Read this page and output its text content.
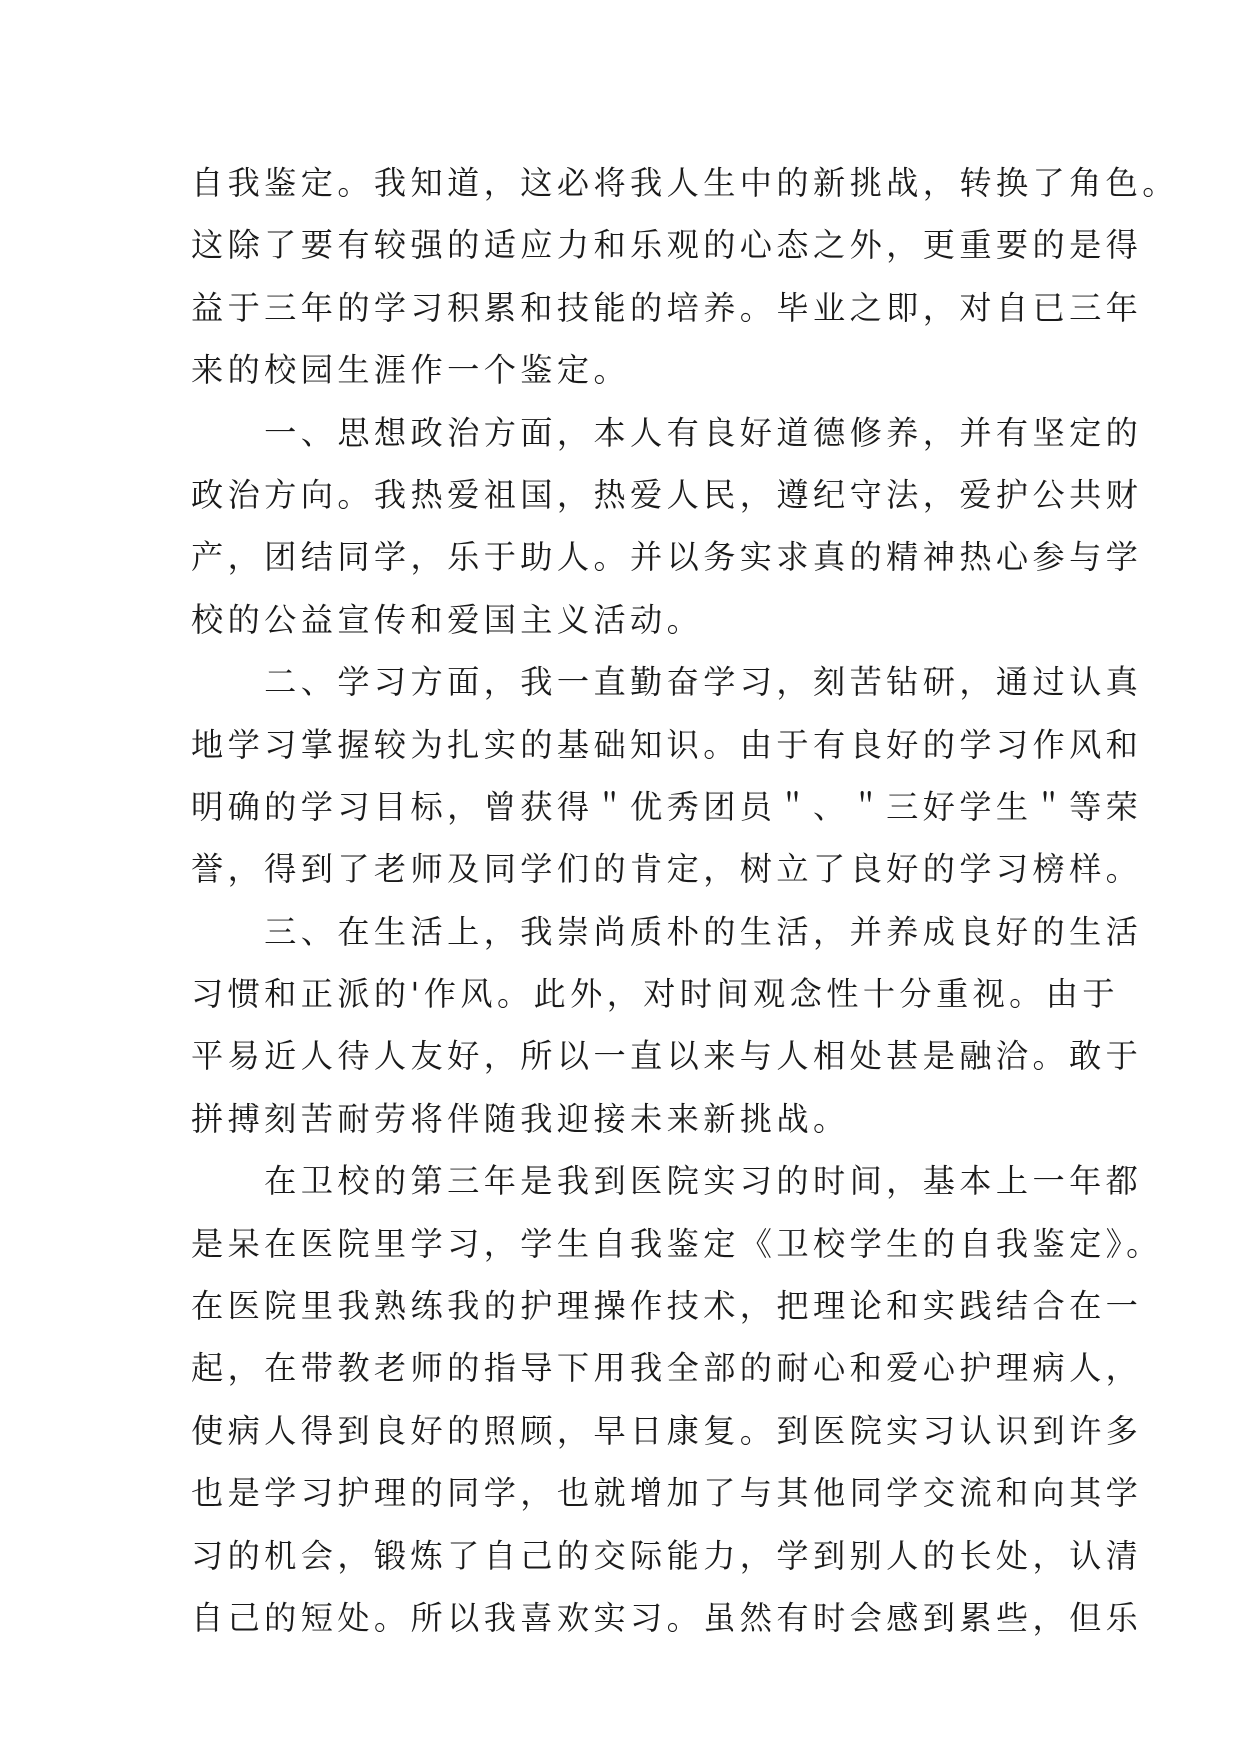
自我鉴定。我知道，这必将我人生中的新挑战，转换了角色。
这除了要有较强的适应力和乐观的心态之外，更重要的是得
益于三年的学习积累和技能的培养。毕业之即，对自已三年
来的校园生涯作一个鉴定。
　　一、思想政治方面，本人有良好道德修养，并有坚定的
政治方向。我热爱祖国，热爱人民，遵纪守法，爱护公共财
产，团结同学，乐于助人。并以务实求真的精神热心参与学
校的公益宣传和爱国主义活动。
　　二、学习方面，我一直勤奋学习，刻苦钻研，通过认真
地学习掌握较为扎实的基础知识。由于有良好的学习作风和
明确的学习目标，曾获得＂优秀团员＂、＂三好学生＂等荣
誉，得到了老师及同学们的肯定，树立了良好的学习榜样。
　　三、在生活上，我崇尚质朴的生活，并养成良好的生活
习惯和正派的'作风。此外，对时间观念性十分重视。由于
平易近人待人友好，所以一直以来与人相处甚是融洽。敢于
拼搏刻苦耐劳将伴随我迎接未来新挑战。
　　在卫校的第三年是我到医院实习的时间，基本上一年都
是呆在医院里学习，学生自我鉴定《卫校学生的自我鉴定》。
在医院里我熟练我的护理操作技术，把理论和实践结合在一
起，在带教老师的指导下用我全部的耐心和爱心护理病人，
使病人得到良好的照顾，早日康复。到医院实习认识到许多
也是学习护理的同学，也就增加了与其他同学交流和向其学
习的机会，锻炼了自己的交际能力，学到别人的长处，认清
自己的短处。所以我喜欢实习。虽然有时会感到累些，但乐
